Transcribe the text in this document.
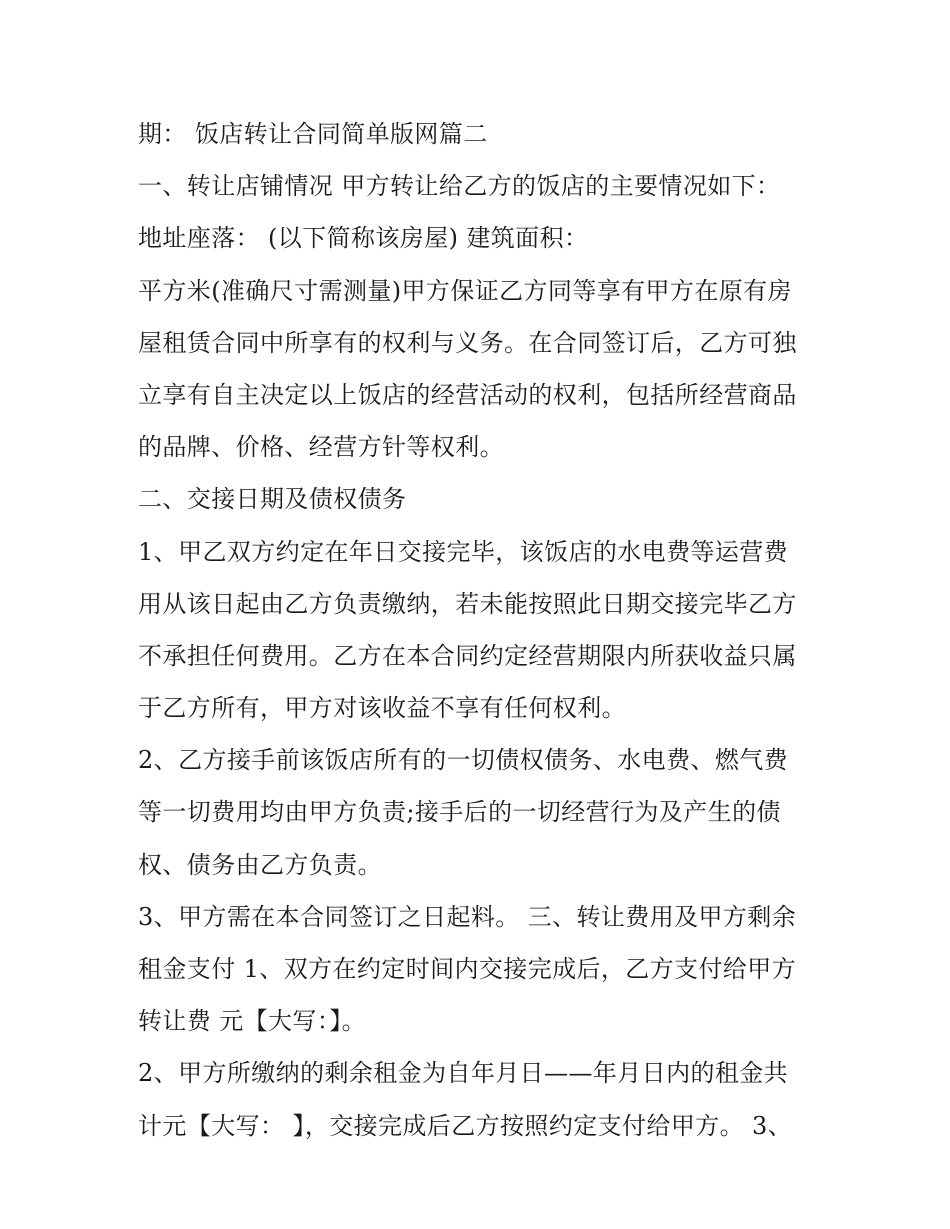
期： 饭店转让合同简单版网篇二
一、转让店铺情况 甲方转让给乙方的饭店的主要情况如下：
地址座落： (以下简称该房屋) 建筑面积：
平方米(准确尺寸需测量)甲方保证乙方同等享有甲方在原有房
屋租赁合同中所享有的权利与义务。在合同签订后，乙方可独
立享有自主决定以上饭店的经营活动的权利，包括所经营商品
的品牌、价格、经营方针等权利。
二、交接日期及债权债务
1、甲乙双方约定在年日交接完毕，该饭店的水电费等运营费
用从该日起由乙方负责缴纳，若未能按照此日期交接完毕乙方
不承担任何费用。乙方在本合同约定经营期限内所获收益只属
于乙方所有，甲方对该收益不享有任何权利。
2、乙方接手前该饭店所有的一切债权债务、水电费、燃气费
等一切费用均由甲方负责;接手后的一切经营行为及产生的债
权、债务由乙方负责。
3、甲方需在本合同签订之日起料。 三、转让费用及甲方剩余
租金支付 1、双方在约定时间内交接完成后，乙方支付给甲方
转让费 元【大写：】。
2、甲方所缴纳的剩余租金为自年月日——年月日内的租金共
计元【大写： 】，交接完成后乙方按照约定支付给甲方。 3、
